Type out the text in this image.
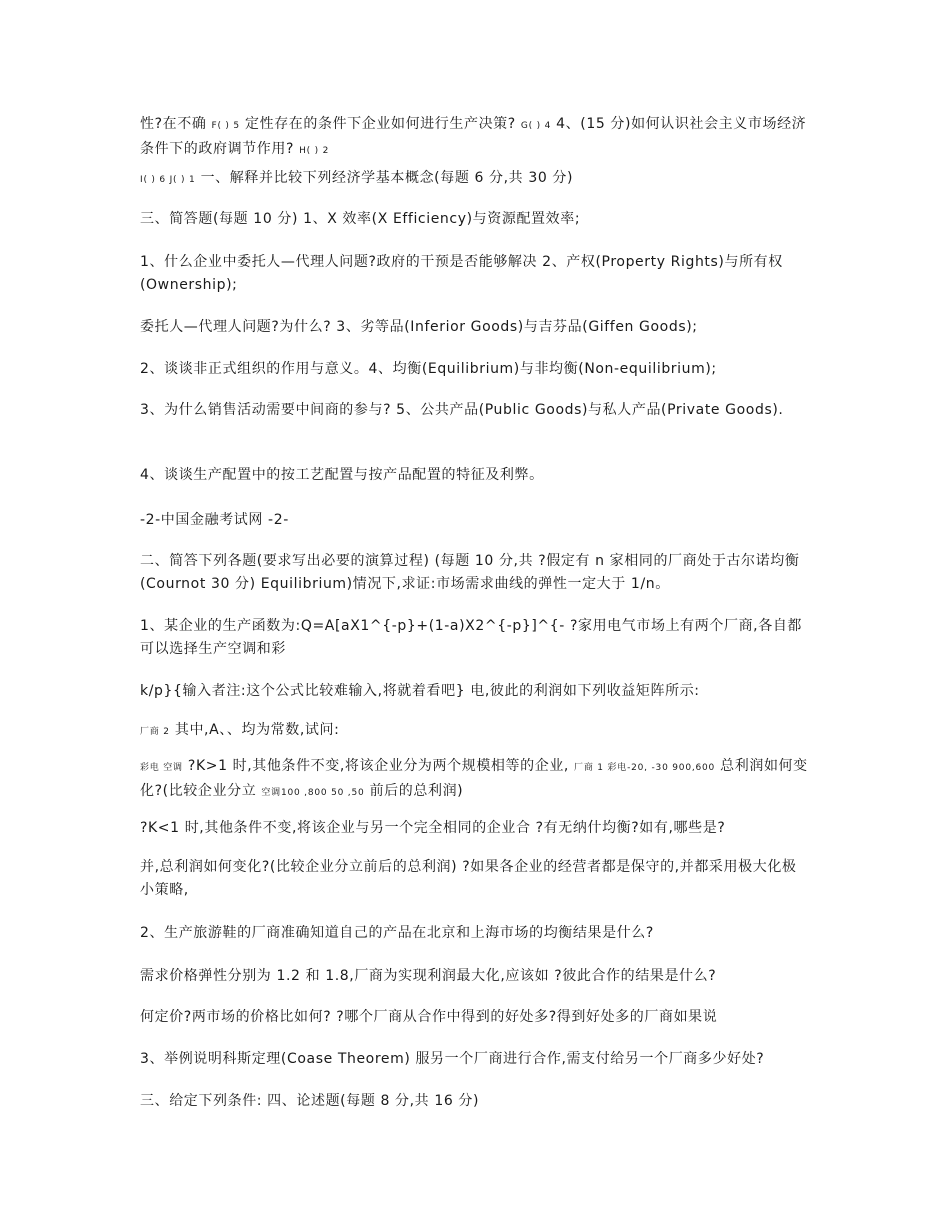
性?在不确 F( ) 5 定性存在的条件下企业如何进行生产决策? G( ) 4 4、(15 分)如何认识社会主义市场经济条件下的政府调节作用? H( ) 2

I( ) 6 J( ) 1 一、解释并比较下列经济学基本概念(每题 6 分,共 30 分)

三、简答题(每题 10 分) 1、X 效率(X Efficiency)与资源配置效率;

1、什么企业中委托人—代理人问题?政府的干预是否能够解决 2、产权(Property Rights)与所有权(Ownership);

委托人—代理人问题?为什么? 3、劣等品(Inferior Goods)与吉芬品(Giffen Goods);

2、谈谈非正式组织的作用与意义。4、均衡(Equilibrium)与非均衡(Non-equilibrium);

3、为什么销售活动需要中间商的参与? 5、公共产品(Public Goods)与私人产品(Private Goods).

4、谈谈生产配置中的按工艺配置与按产品配置的特征及利弊。

-2-中国金融考试网 -2-

二、简答下列各题(要求写出必要的演算过程) (每题 10 分,共 ?假定有 n 家相同的厂商处于古尔诺均衡(Cournot 30 分) Equilibrium)情况下,求证:市场需求曲线的弹性一定大于 1/n。

1、某企业的生产函数为:Q=A[aX1^{-p}+(1-a)X2^{-p}]^{- ?家用电气市场上有两个厂商,各自都可以选择生产空调和彩

k/p}{输入者注:这个公式比较难输入,将就着看吧} 电,彼此的利润如下列收益矩阵所示:

厂商 2 其中,A、、均为常数,试问:

彩电 空调 ?K>1 时,其他条件不变,将该企业分为两个规模相等的企业, 厂商 1 彩电-20, -30 900,600 总利润如何变化?(比较企业分立 空调100 ,800 50 ,50 前后的总利润)

?K<1 时,其他条件不变,将该企业与另一个完全相同的企业合 ?有无纳什均衡?如有,哪些是?

并,总利润如何变化?(比较企业分立前后的总利润) ?如果各企业的经营者都是保守的,并都采用极大化极小策略,

2、生产旅游鞋的厂商准确知道自己的产品在北京和上海市场的均衡结果是什么?

需求价格弹性分别为 1.2 和 1.8,厂商为实现利润最大化,应该如 ?彼此合作的结果是什么?

何定价?两市场的价格比如何? ?哪个厂商从合作中得到的好处多?得到好处多的厂商如果说

3、举例说明科斯定理(Coase Theorem) 服另一个厂商进行合作,需支付给另一个厂商多少好处?

三、给定下列条件: 四、论述题(每题 8 分,共 16 分)
